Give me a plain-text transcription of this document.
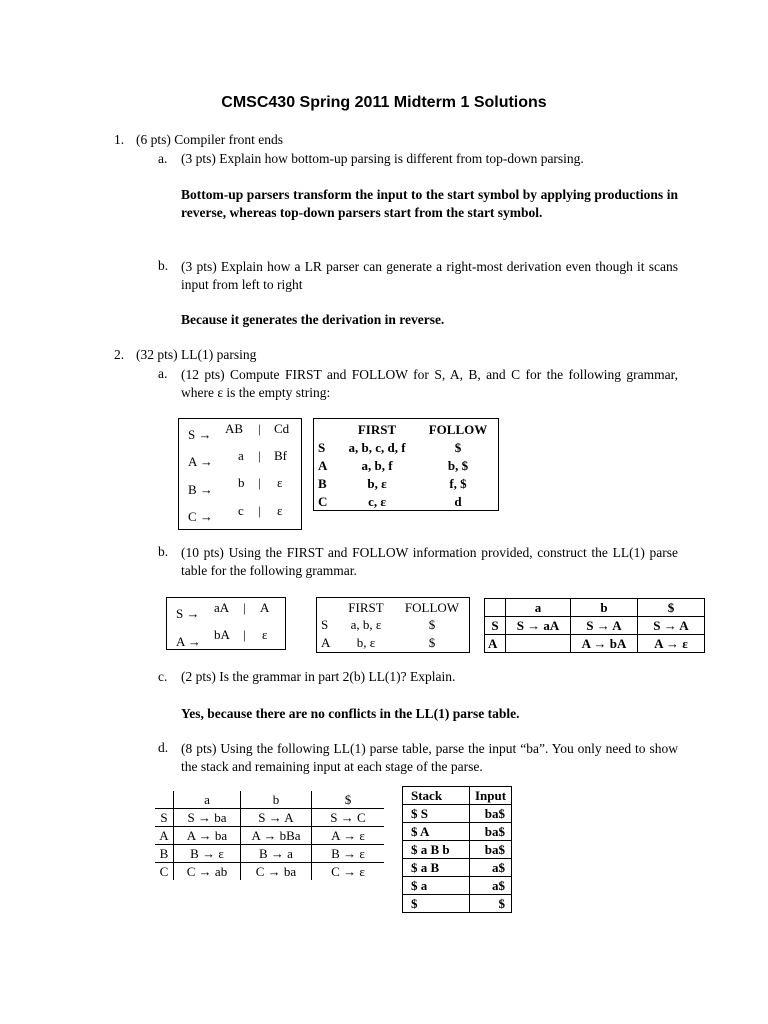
CMSC430 Spring 2011 Midterm 1 Solutions
1. (6 pts) Compiler front ends
a. (3 pts) Explain how bottom-up parsing is different from top-down parsing.
Bottom-up parsers transform the input to the start symbol by applying productions in reverse, whereas top-down parsers start from the start symbol.
b. (3 pts) Explain how a LR parser can generate a right-most derivation even though it scans input from left to right
Because it generates the derivation in reverse.
2. (32 pts) LL(1) parsing
a. (12 pts) Compute FIRST and FOLLOW for S, A, B, and C for the following grammar, where ε is the empty string:
S → AB | Cd
A → a | Bf
B → b | ε
C → c | ε
	FIRST	FOLLOW
S	a, b, c, d, f	$
A	a, b, f	b, $
B	b, ε	f, $
C	c, ε	d
b. (10 pts) Using the FIRST and FOLLOW information provided, construct the LL(1) parse table for the following grammar.
S → aA | A
A → bA | ε
	FIRST	FOLLOW
S	a, b, ε	$
A	b, ε	$
	a	b	$
S	S → aA	S → A	S → A
A		A → bA	A → ε
c. (2 pts) Is the grammar in part 2(b) LL(1)? Explain.
Yes, because there are no conflicts in the LL(1) parse table.
d. (8 pts) Using the following LL(1) parse table, parse the input “ba”. You only need to show the stack and remaining input at each stage of the parse.
	a	b	$
S	S → ba	S → A	S → C
A	A → ba	A → bBa	A → ε
B	B → ε	B → a	B → ε
C	C → ab	C → ba	C → ε
Stack	Input
$ S	ba$
$ A	ba$
$ a B b	ba$
$ a B	a$
$ a	a$
$	$
